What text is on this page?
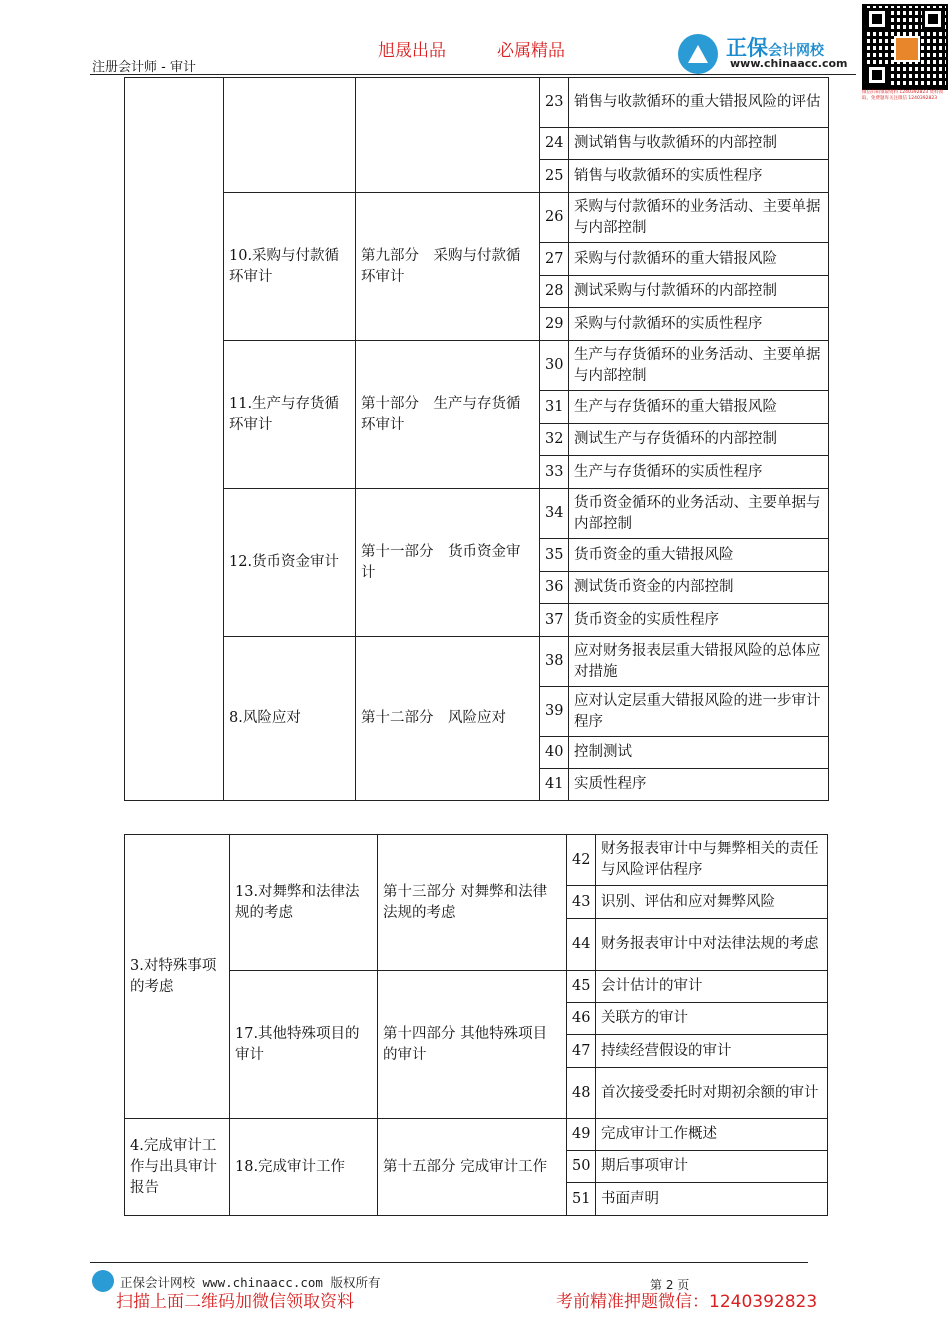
注册会计师 - 审计
旭晟出品	必属精品	正保会计网校
www.chinaacc.com
微信扫码领取资料 1240392823 资料领取、免费题库关注微信 1240392823
			23	销售与收款循环的重大错报风险的评估
			24	测试销售与收款循环的内部控制
			25	销售与收款循环的实质性程序
	10.采购与付款循环审计	第九部分　采购与付款循环审计	26	采购与付款循环的业务活动、主要单据与内部控制
			27	采购与付款循环的重大错报风险
			28	测试采购与付款循环的内部控制
			29	采购与付款循环的实质性程序
	11.生产与存货循环审计	第十部分　生产与存货循环审计	30	生产与存货循环的业务活动、主要单据与内部控制
			31	生产与存货循环的重大错报风险
			32	测试生产与存货循环的内部控制
			33	生产与存货循环的实质性程序
	12.货币资金审计	第十一部分　货币资金审计	34	货币资金循环的业务活动、主要单据与内部控制
			35	货币资金的重大错报风险
			36	测试货币资金的内部控制
			37	货币资金的实质性程序
	8.风险应对	第十二部分　风险应对	38	应对财务报表层重大错报风险的总体应对措施
			39	应对认定层重大错报风险的进一步审计程序
			40	控制测试
			41	实质性程序
3.对特殊事项的考虑	13.对舞弊和法律法规的考虑	第十三部分 对舞弊和法律法规的考虑	42	财务报表审计中与舞弊相关的责任与风险评估程序
			43	识别、评估和应对舞弊风险
			44	财务报表审计中对法律法规的考虑
	17.其他特殊项目的审计	第十四部分 其他特殊项目的审计	45	会计估计的审计
			46	关联方的审计
			47	持续经营假设的审计
			48	首次接受委托时对期初余额的审计
4.完成审计工作与出具审计报告	18.完成审计工作	第十五部分 完成审计工作	49	完成审计工作概述
			50	期后事项审计
			51	书面声明
正保会计网校 www.chinaacc.com 版权所有	第 2 页
扫描上面二维码加微信领取资料	考前精准押题微信：1240392823
